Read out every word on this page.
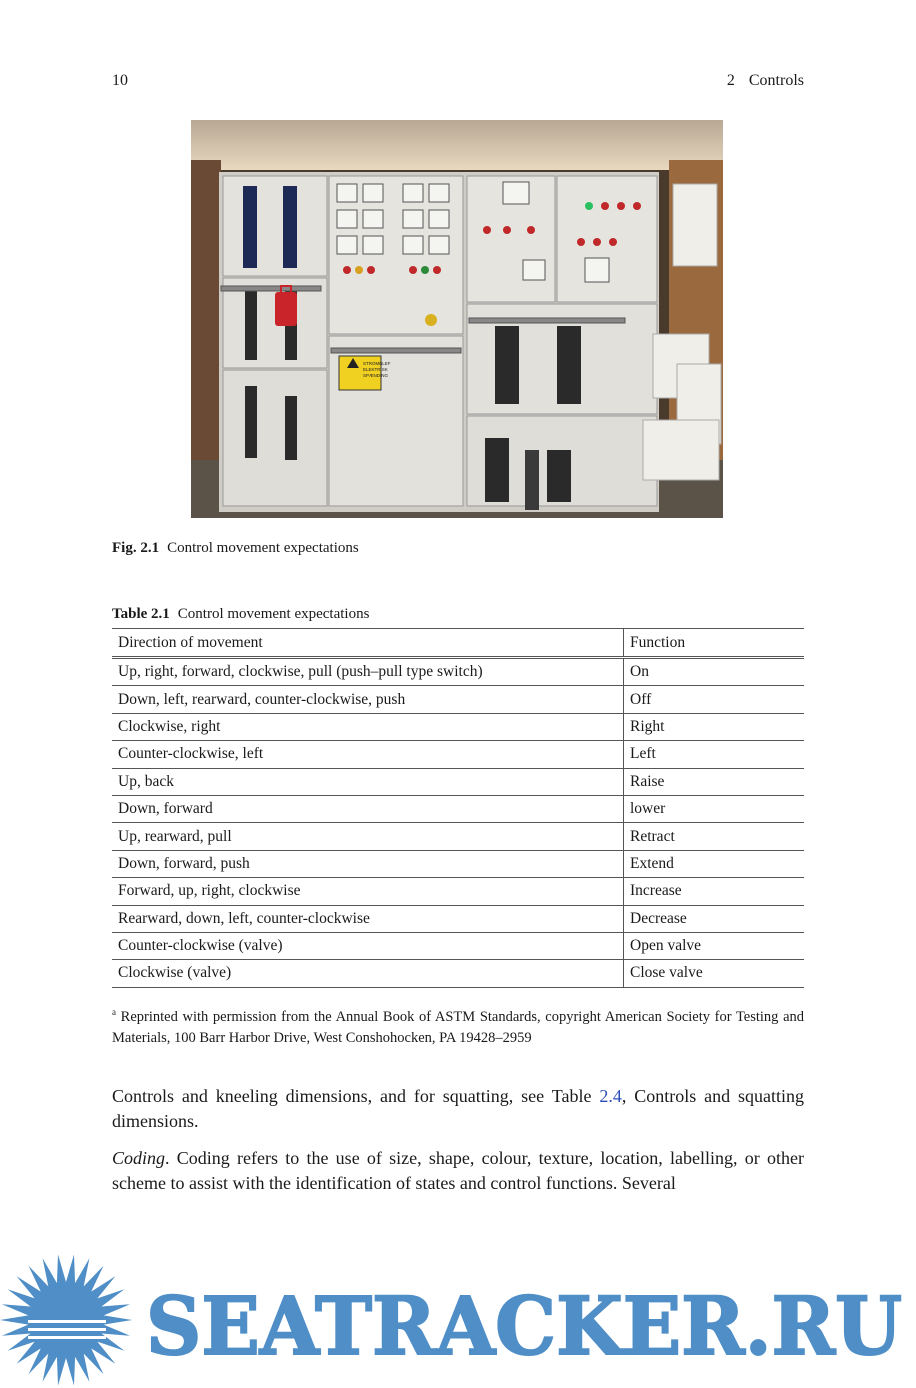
10	2 Controls
STROMBLEF
ELEKTRISK
SPÆNDING
Fig. 2.1 Control movement expectations
Table 2.1 Control movement expectations
Direction of movement	Function
Up, right, forward, clockwise, pull (push–pull type switch)	On
Down, left, rearward, counter-clockwise, push	Off
Clockwise, right	Right
Counter-clockwise, left	Left
Up, back	Raise
Down, forward	lower
Up, rearward, pull	Retract
Down, forward, push	Extend
Forward, up, right, clockwise	Increase
Rearward, down, left, counter-clockwise	Decrease
Counter-clockwise (valve)	Open valve
Clockwise (valve)	Close valve
$^a$ Reprinted with permission from the Annual Book of ASTM Standards, copyright American Society for Testing and Materials, 100 Barr Harbor Drive, West Conshohocken, PA 19428–2959

Controls and kneeling dimensions, and for squatting, see Table 2.4, Controls and squatting dimensions.

Coding. Coding refers to the use of size, shape, colour, texture, location, labelling, or other scheme to assist with the identification of states and control functions. Several

SEATRACKER.RU
